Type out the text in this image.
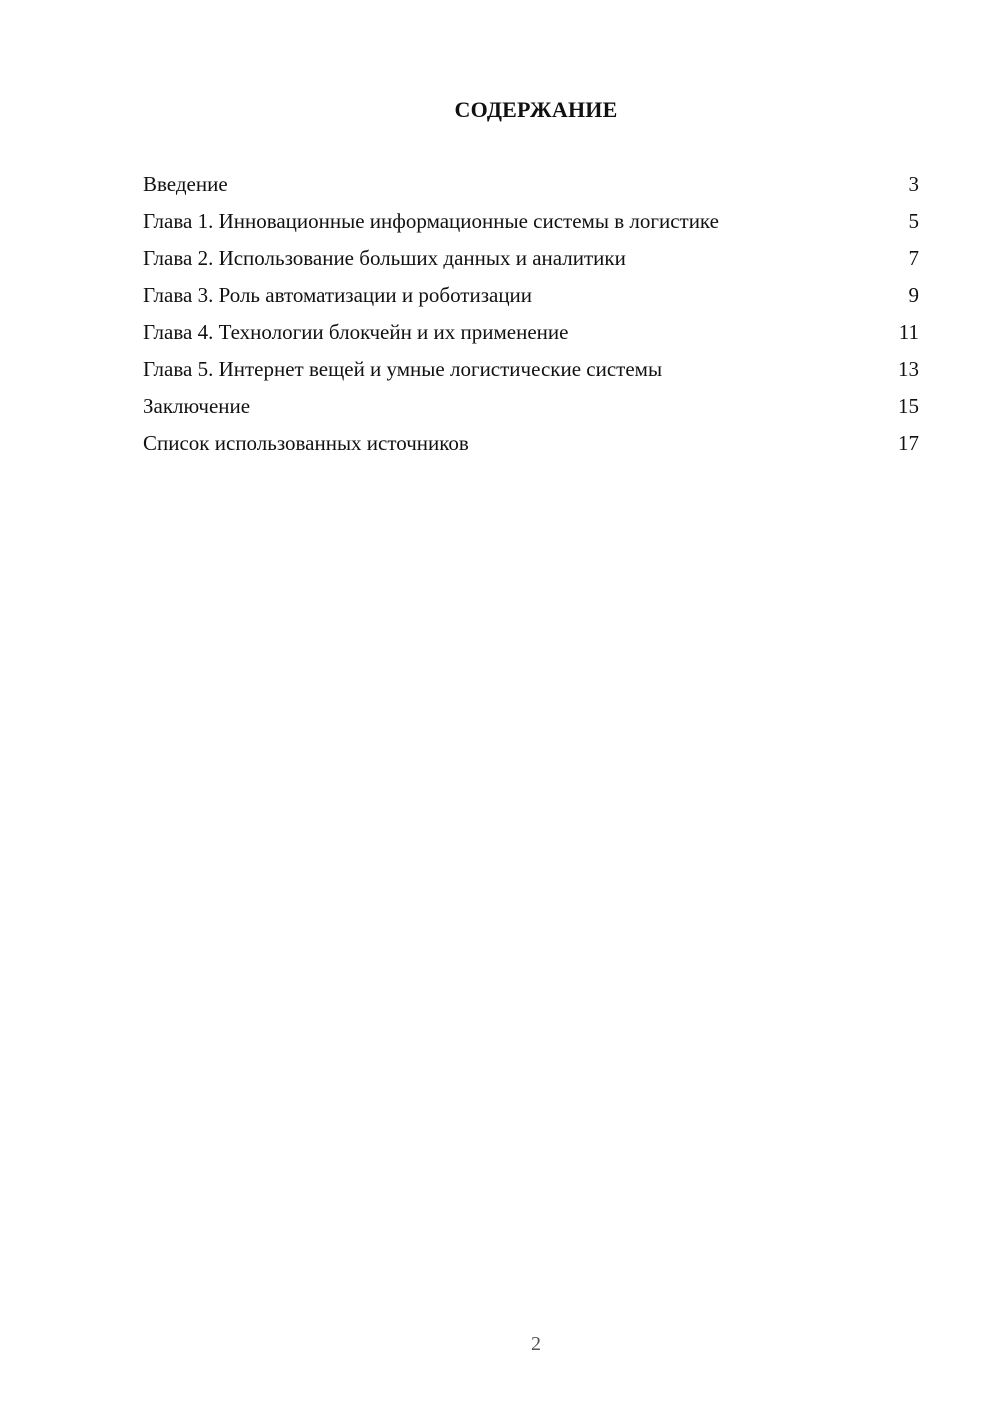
СОДЕРЖАНИЕ
Введение	3
Глава 1. Инновационные информационные системы в логистике	5
Глава 2. Использование больших данных и аналитики	7
Глава 3. Роль автоматизации и роботизации	9
Глава 4. Технологии блокчейн и их применение	11
Глава 5. Интернет вещей и умные логистические системы	13
Заключение	15
Список использованных источников	17
2
